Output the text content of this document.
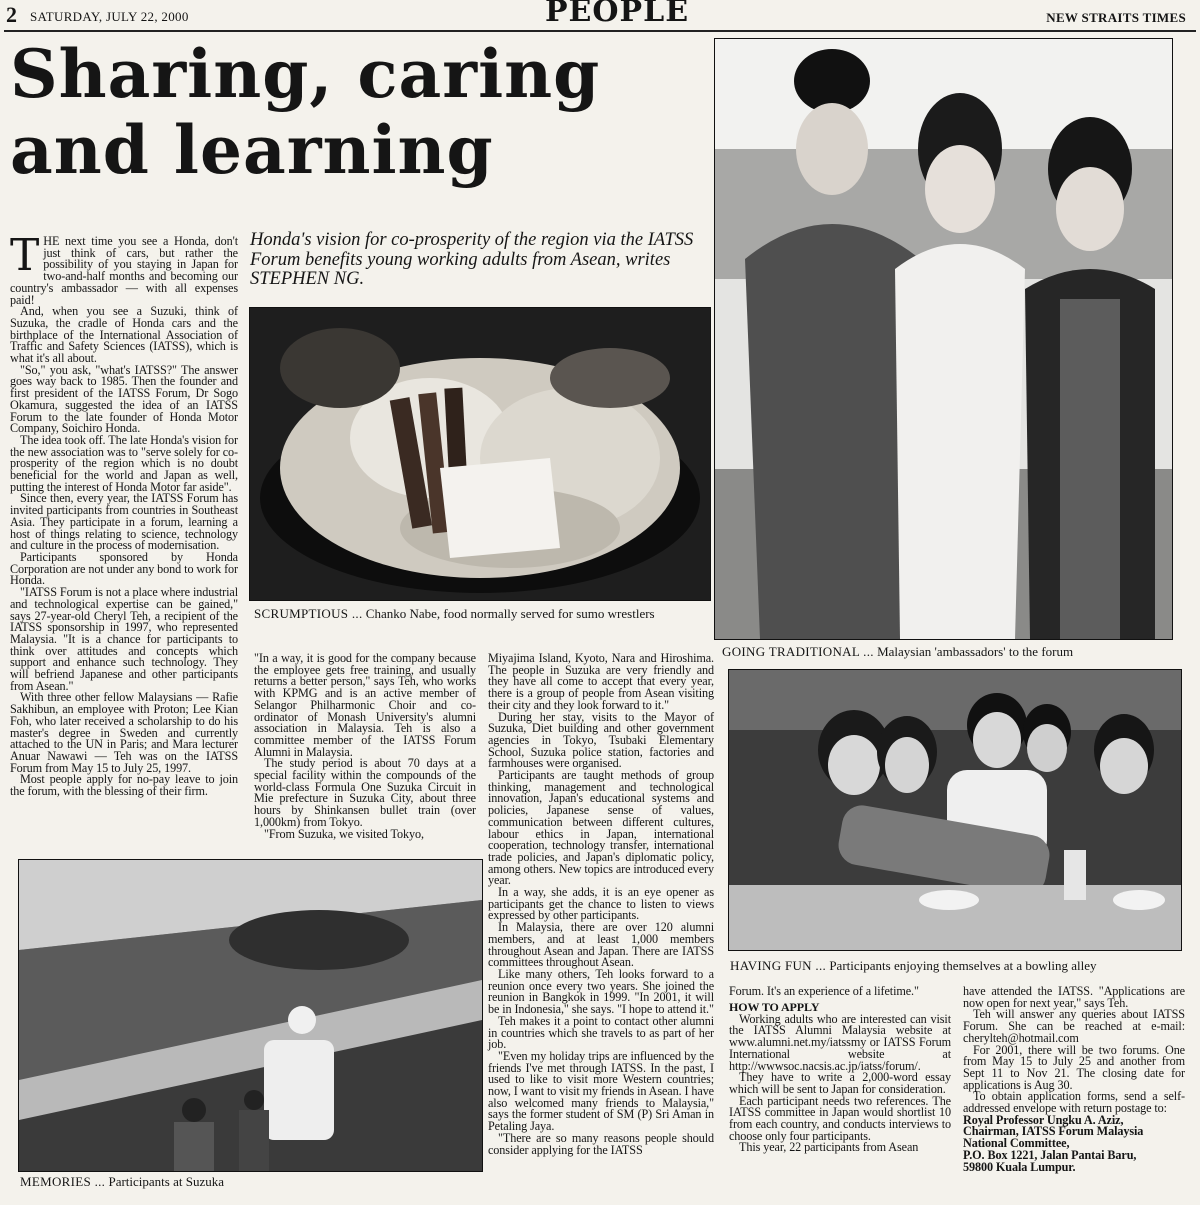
2 SATURDAY, JULY 22, 2000	PEOPLE	NEW STRAITS TIMES
Sharing, caring
and learning
Honda's vision for co-prosperity of the region via the IATSS
Forum benefits young working adults from Asean, writes
STEPHEN NG.

THE next time you see a Honda, don't just think of cars, but rather the possibility of you staying in Japan for two-and-half months and becoming our country's ambassador — with all expenses paid!

And, when you see a Suzuki, think of Suzuka, the cradle of Honda cars and the birthplace of the International Association of Traffic and Safety Sciences (IATSS), which is what it's all about.

"So," you ask, "what's IATSS?" The answer goes way back to 1985. Then the founder and first president of the IATSS Forum, Dr Sogo Okamura, suggested the idea of an IATSS Forum to the late founder of Honda Motor Company, Soichiro Honda.

The idea took off. The late Honda's vision for the new association was to "serve solely for co-prosperity of the region which is no doubt beneficial for the world and Japan as well, putting the interest of Honda Motor far aside".

Since then, every year, the IATSS Forum has invited participants from countries in Southeast Asia. They participate in a forum, learning a host of things relating to science, technology and culture in the process of modernisation.

Participants sponsored by Honda Corporation are not under any bond to work for Honda.

"IATSS Forum is not a place where industrial and technological expertise can be gained," says 27-year-old Cheryl Teh, a recipient of the IATSS sponsorship in 1997, who represented Malaysia. "It is a chance for participants to think over attitudes and concepts which support and enhance such technology. They will befriend Japanese and other participants from Asean."

With three other fellow Malaysians — Rafie Sakhibun, an employee with Proton; Lee Kian Foh, who later received a scholarship to do his master's degree in Sweden and currently attached to the UN in Paris; and Mara lecturer Anuar Nawawi — Teh was on the IATSS Forum from May 15 to July 25, 1997.

Most people apply for no-pay leave to join the forum, with the blessing of their firm.

SCRUMPTIOUS ... Chanko Nabe, food normally served for sumo wrestlers

"In a way, it is good for the company because the employee gets free training, and usually returns a better person," says Teh, who works with KPMG and is an active member of Selangor Philharmonic Choir and co-ordinator of Monash University's alumni association in Malaysia. Teh is also a committee member of the IATSS Forum Alumni in Malaysia.

The study period is about 70 days at a special facility within the compounds of the world-class Formula One Suzuka Circuit in Mie prefecture in Suzuka City, about three hours by Shinkansen bullet train (over 1,000km) from Tokyo.

"From Suzuka, we visited Tokyo,

Miyajima Island, Kyoto, Nara and Hiroshima. The people in Suzuka are very friendly and they have all come to accept that every year, there is a group of people from Asean visiting their city and they look forward to it."

During her stay, visits to the Mayor of Suzuka, Diet building and other government agencies in Tokyo, Tsubaki Elementary School, Suzuka police station, factories and farmhouses were organised.

Participants are taught methods of group thinking, management and technological innovation, Japan's educational systems and policies, Japanese sense of values, communication between different cultures, labour ethics in Japan, international cooperation, technology transfer, international trade policies, and Japan's diplomatic policy, among others. New topics are introduced every year.

In a way, she adds, it is an eye opener as participants get the chance to listen to views expressed by other participants.

In Malaysia, there are over 120 alumni members, and at least 1,000 members throughout Asean and Japan. There are IATSS committees throughout Asean.

Like many others, Teh looks forward to a reunion once every two years. She joined the reunion in Bangkok in 1999. "In 2001, it will be in Indonesia," she says. "I hope to attend it."

Teh makes it a point to contact other alumni in countries which she travels to as part of her job.

"Even my holiday trips are influenced by the friends I've met through IATSS. In the past, I used to like to visit more Western countries; now, I want to visit my friends in Asean. I have also welcomed many friends to Malaysia," says the former student of SM (P) Sri Aman in Petaling Jaya.

"There are so many reasons people should consider applying for the IATSS

MEMORIES ... Participants at Suzuka
GOING TRADITIONAL ... Malaysian 'ambassadors' to the forum
HAVING FUN ... Participants enjoying themselves at a bowling alley

Forum. It's an experience of a lifetime."

HOW TO APPLY

Working adults who are interested can visit the IATSS Alumni Malaysia website at www.alumni.net.my/iatssmy or IATSS Forum International website at http://wwwsoc.nacsis.ac.jp/iatss/forum/.

They have to write a 2,000-word essay which will be sent to Japan for consideration.

Each participant needs two references. The IATSS committee in Japan would shortlist 10 from each country, and conducts interviews to choose only four participants.

This year, 22 participants from Asean

have attended the IATSS. "Applications are now open for next year," says Teh.

Teh will answer any queries about IATSS Forum. She can be reached at e-mail: cherylteh@hotmail.com

For 2001, there will be two forums. One from May 15 to July 25 and another from Sept 11 to Nov 21. The closing date for applications is Aug 30.

To obtain application forms, send a self-addressed envelope with return postage to:

Royal Professor Ungku A. Aziz,

Chairman, IATSS Forum Malaysia

National Committee,

P.O. Box 1221, Jalan Pantai Baru,

59800 Kuala Lumpur.
